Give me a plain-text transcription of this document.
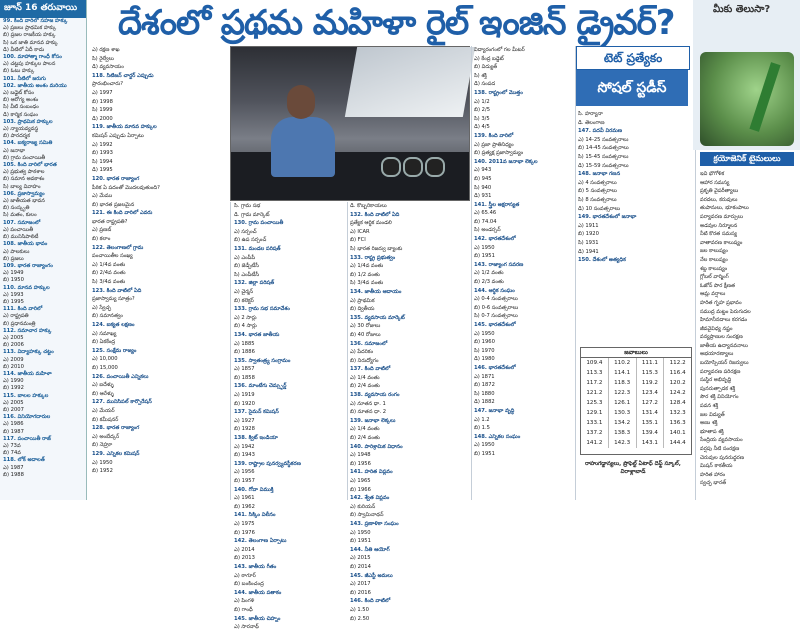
జూన్ 16 తరువాయి
99. కింది వారిలో సహజ హక్కు
ఎ) ప్రజలు ప్రాథమిక హక్కు
బి) ప్రజల రాజకీయ హక్కు
సి) ఒక జాతి మానవ హక్కు
డి) వీటిలో ఏదీ కాదు
100. మాహాత్మా గాంధీ కోసం
ఎ) చట్టపు హక్కుల పాలన
బి) ఓటు హక్కు
101. నీటిలో జరుగు
102. జాతీయ అంశం మరియు
ఎ) బడ్జెట్ కోసం
బి) ఆరోగ్య అంశం
సి) వీటి సంబంధం
డి) కార్మిక సంఘం
103. ప్రాథమిక హక్కుల
ఎ) న్యాయవ్యవస్థ
బి) పారదర్శక
104. ఐక్యరాజ్య సమితి
ఎ) జనాభా
బి) గ్రామ పంచాయితీ
105. కింది వారిలో భారత
ఎ) ప్రభుత్వ పాఠశాల
బి) సమాన అవకాశం
సి) బాల్య వివాహం
106. ప్రజాస్వామ్యం
ఎ) జాతీయత భావన
బి) సంస్కృతి
సి) మతం, కులం
107. సమాజంలో
ఎ) పంచాయితీ
బి) మునిసిపాలిటీ
108. జాతీయ భావం
ఎ) పాలకులు
బి) ప్రజలు
109. భారత రాజ్యాంగం
ఎ) 1949
బి) 1950
110. మానవ హక్కుల
ఎ) 1993
బి) 1995
111. కింది వారిలో
ఎ) రాష్ట్రపతి
బి) ప్రధానమంత్రి
112. సమాచార హక్కు
ఎ) 2005
బి) 2006
113. విద్యాహక్కు చట్టం
ఎ) 2009
బి) 2010
114. జాతీయ మహిళా
ఎ) 1990
బి) 1992
115. బాలల హక్కుల
ఎ) 2005
బి) 2007
116. వినియోగదారుల
ఎ) 1986
బి) 1987
117. పంచాయితీ రాజ్
ఎ) 73వ
బి) 74వ
118. లోక్ అదాలత్
ఎ) 1987
బి) 1988
దేశంలో ప్రథమ మహిళా రైల్ ఇంజిన్ డ్రైవర్?
ఎ) రక్షణ శాఖ
సి) రైల్వేలు
డి) వ్యవసాయం
118. సిటిజన్ చార్టర్ ఎప్పుడు
ప్రారంభించారు?
ఎ) 1997
బి) 1998
సి) 1999
డి) 2000
119. జాతీయ మానవ హక్కుల
కమిషన్ ఎప్పుడు ఏర్పాటు
ఎ) 1992
బి) 1993
సి) 1994
డి) 1995
120. భారత రాజ్యాంగ
పీఠిక ఏ పదంతో మొదలవుతుంది?
ఎ) మేము
బి) భారత ప్రజలమైన
121. ఈ కింది వారిలో ఎవరు
భారత రాష్ట్రపతి?
ఎ) ప్రణబ్
బి) కలాం
122. తెలంగాణలో గ్రామ
పంచాయితీల సంఖ్య
ఎ) 1/4వ వంతు
బి) 2/4వ వంతు
సి) 3/4వ వంతు
123. కింది వాటిలో ఏది
ప్రజాస్వామ్య సూత్రం?
ఎ) స్వేచ్ఛ
బి) సమానత్వం
124. ఐక్యత లక్షణం
ఎ) సమాఖ్య
బి) ఏకకేంద్ర
125. సంక్షేమ రాజ్యం
ఎ) 10,000
బి) 15,000
126. పంచాయితీ ఎన్నికలు
ఎ) ఐదేళ్ళు
బి) ఆరేళ్ళు
127. మునిసిపల్ కార్పొరేషన్
ఎ) మేయర్
బి) కమీషనర్
128. భారత రాజ్యాంగ
ఎ) అంబేద్కర్
బి) నెహ్రూ
129. ఎన్నికల కమిషన్
ఎ) 1950
బి) 1952
సి. గ్రామ సభ
డి. గ్రామ మార్కెట్
130. గ్రామ పంచాయితీ
ఎ) సర్పంచ్
బి) ఉప సర్పంచ్
131. మండల పరిషత్
ఎ) ఎంపీపీ
బి) జెడ్పీటీసీ
సి) ఎంపీటీసీ
132. జిల్లా పరిషత్
ఎ) చైర్మన్
బి) కలెక్టర్
133. గ్రామ సభ సమావేశం
ఎ) 2 సార్లు
బి) 4 సార్లు
134. భారత జాతీయ
ఎ) 1885
బి) 1886
135. స్వాతంత్ర్య సంగ్రామం
ఎ) 1857
బి) 1858
136. మాంటేగు చెమ్స్ఫర్డ్
ఎ) 1919
బి) 1920
137. సైమన్ కమిషన్
ఎ) 1927
బి) 1928
138. క్విట్ ఇండియా
ఎ) 1942
బి) 1943
139. రాష్ట్రాల పునర్వ్యవస్థీకరణ
ఎ) 1956
బి) 1957
140. గోవా విముక్తి
ఎ) 1961
బి) 1962
141. సిక్కిం విలీనం
ఎ) 1975
బి) 1976
142. తెలంగాణ ఏర్పాటు
ఎ) 2014
బి) 2013
143. జాతీయ గీతం
ఎ) ఠాగూర్
బి) బంకించంద్ర
144. జాతీయ పతాకం
ఎ) పింగళి
బి) గాంధీ
145. జాతీయ చిహ్నం
ఎ) సారనాథ్
డి. కొబ్బరికాయలు
132. కింది వాటిలో ఏది
ప్రత్యేక ఆర్థిక మండలి
ఎ) ICAR
బి) FCI
సి) భారత రిజర్వు బ్యాంకు
133. రాష్ట్ర ప్రభుత్వం
ఎ) 1/4వ వంతు
బి) 1/2 వంతు
సి) 3/4వ వంతు
134. జాతీయ ఆదాయం
ఎ) ప్రాథమిక
బి) ద్వితీయ
135. వ్యవసాయ మార్కెట్
ఎ) 30 రోజులు
బి) 40 రోజులు
136. సమాజంలో
ఎ) పేదరికం
బి) నిరుద్యోగం
137. కింది వాటిలో
ఎ) 1/4 వంతు
బి) 2/4 వంతు
138. వ్యవసాయ రంగం
ఎ) నూతన ధా. 1
బి) నూతన ధా. 2
139. జనాభా లెక్కలు
ఎ) 1/4 వంతు
బి) 2/4 వంతు
140. పారిశ్రామిక విధానం
ఎ) 1948
బి) 1956
141. హరిత విప్లవం
ఎ) 1965
బి) 1966
142. శ్వేత విప్లవం
ఎ) కురియన్
బి) స్వామినాథన్
143. ప్రణాళికా సంఘం
ఎ) 1950
బి) 1951
144. నీతి ఆయోగ్
ఎ) 2015
బి) 2014
145. జీఎస్టీ అమలు
ఎ) 2017
బి) 2016
146. కింది వాటిలో
ఎ) 1.50
బి) 2.50
విద్యారంగంలో గల మీటర్
ఎ) కేంద్ర బడ్జెట్
బి) విద్యుత్
సి) శక్తి
డి) సంపద
138. రాష్ట్రంలో మొత్తం
ఎ) 1/2
బి) 2/5
సి) 3/5
డి) 4/5
139. కింది వారిలో
ఎ) ప్రజా ప్రాతినిధ్యం
బి) ప్రత్యక్ష ప్రజాస్వామ్యం
140. 2011వ జనాభా లెక్కల
ఎ) 943
బి) 945
సి) 940
డి) 931
141. స్త్రీల అక్షరాస్యత
ఎ) 65.46
బి) 74.04
సి) అండర్సన్
142. భారతదేశంలో
ఎ) 1950
బి) 1951
143. రాజ్యాంగ సవరణ
ఎ) 1/2 వంతు
బి) 2/3 వంతు
144. ఆర్థిక సంఘం
ఎ) 0-4 సంవత్సరాలు
బి) 0-6 సంవత్సరాలు
సి) 0-7 సంవత్సరాలు
145. భారతదేశంలో
ఎ) 1950
బి) 1960
సి) 1970
డి) 1980
146. భారతదేశంలో
ఎ) 1871
బి) 1872
సి) 1880
డి) 1882
147. జనాభా వృద్ధి
ఎ) 1.2
బి) 1.5
148. ఎన్నికల సంఘం
ఎ) 1950
బి) 1951
సి. హర్యానా
డి. తెలంగాణ
147. పదవీ విరమణ
ఎ) 14-25 సంవత్సరాలు
బి) 14-45 సంవత్సరాలు
సి) 15-45 సంవత్సరాలు
డి) 15-59 సంవత్సరాలు
148. జనాభా గణన
ఎ) 4 సంవత్సరాలు
బి) 5 సంవత్సరాలు
సి) 8 సంవత్సరాలు
డి) 10 సంవత్సరాలు
149. భారతదేశంలో జనాభా
ఎ) 1911
బి) 1920
సి) 1931
డి) 1941
150. దేశంలో అత్యధిక
ఇవి భౌగోళిక
ఆహార సమస్య
ప్రకృతి వైపరీత్యాలు
వరదలు, కరువులు
తుపానులు, భూకంపాలు
పర్యావరణ మార్పులు
అడవుల నిర్మూలన
నీటి కొరత సమస్య
వాతావరణ కాలుష్యం
జల కాలుష్యం
నేల కాలుష్యం
శబ్ద కాలుష్యం
గ్లోబల్ వార్మింగ్
ఓజోన్ పొర క్షీణత
ఆమ్ల వర్షాలు
హరిత గృహ ప్రభావం
సముద్ర మట్టం పెరుగుదల
హిమానీనదాలు కరగడం
జీవవైవిధ్య నష్టం
వన్యప్రాణుల సంరక్షణ
జాతీయ ఉద్యానవనాలు
అభయారణ్యాలు
బయోస్పియర్ రిజర్వులు
పర్యావరణ పరిరక్షణ
సుస్థిర అభివృద్ధి
పునరుత్పాదక శక్తి
సౌర శక్తి వినియోగం
పవన శక్తి
జల విద్యుత్
అణు శక్తి
భూతాప శక్తి
సేంద్రియ వ్యవసాయం
వర్షపు నీటి సంరక్షణ
చెరువుల పునరుద్ధరణ
మిషన్ కాకతీయ
హరిత హారం
స్వచ్ఛ భారత్
టెట్ ప్రత్యేకం
సోషల్ స్టడీస్
మీకు తెలుసా?
క్రయోజెనిక్ టైమలులు
జవాబులు
109.4	110.2	111.1	112.2
113.3	114.1	115.3	116.4
117.2	118.3	119.2	120.2
121.2	122.3	123.4	124.2
125.3	126.1	127.2	128.4
129.1	130.3	131.4	132.3
133.1	134.2	135.1	136.3
137.2	138.3	139.4	140.1
141.2	142.3	143.1	144.4
రాహుగడ్డాన్యలు, ప్రొఫెల్ట్ ఏటాధ్ దెఫ్ట్ స్కూల్, విరాళ్లాబాడ్
